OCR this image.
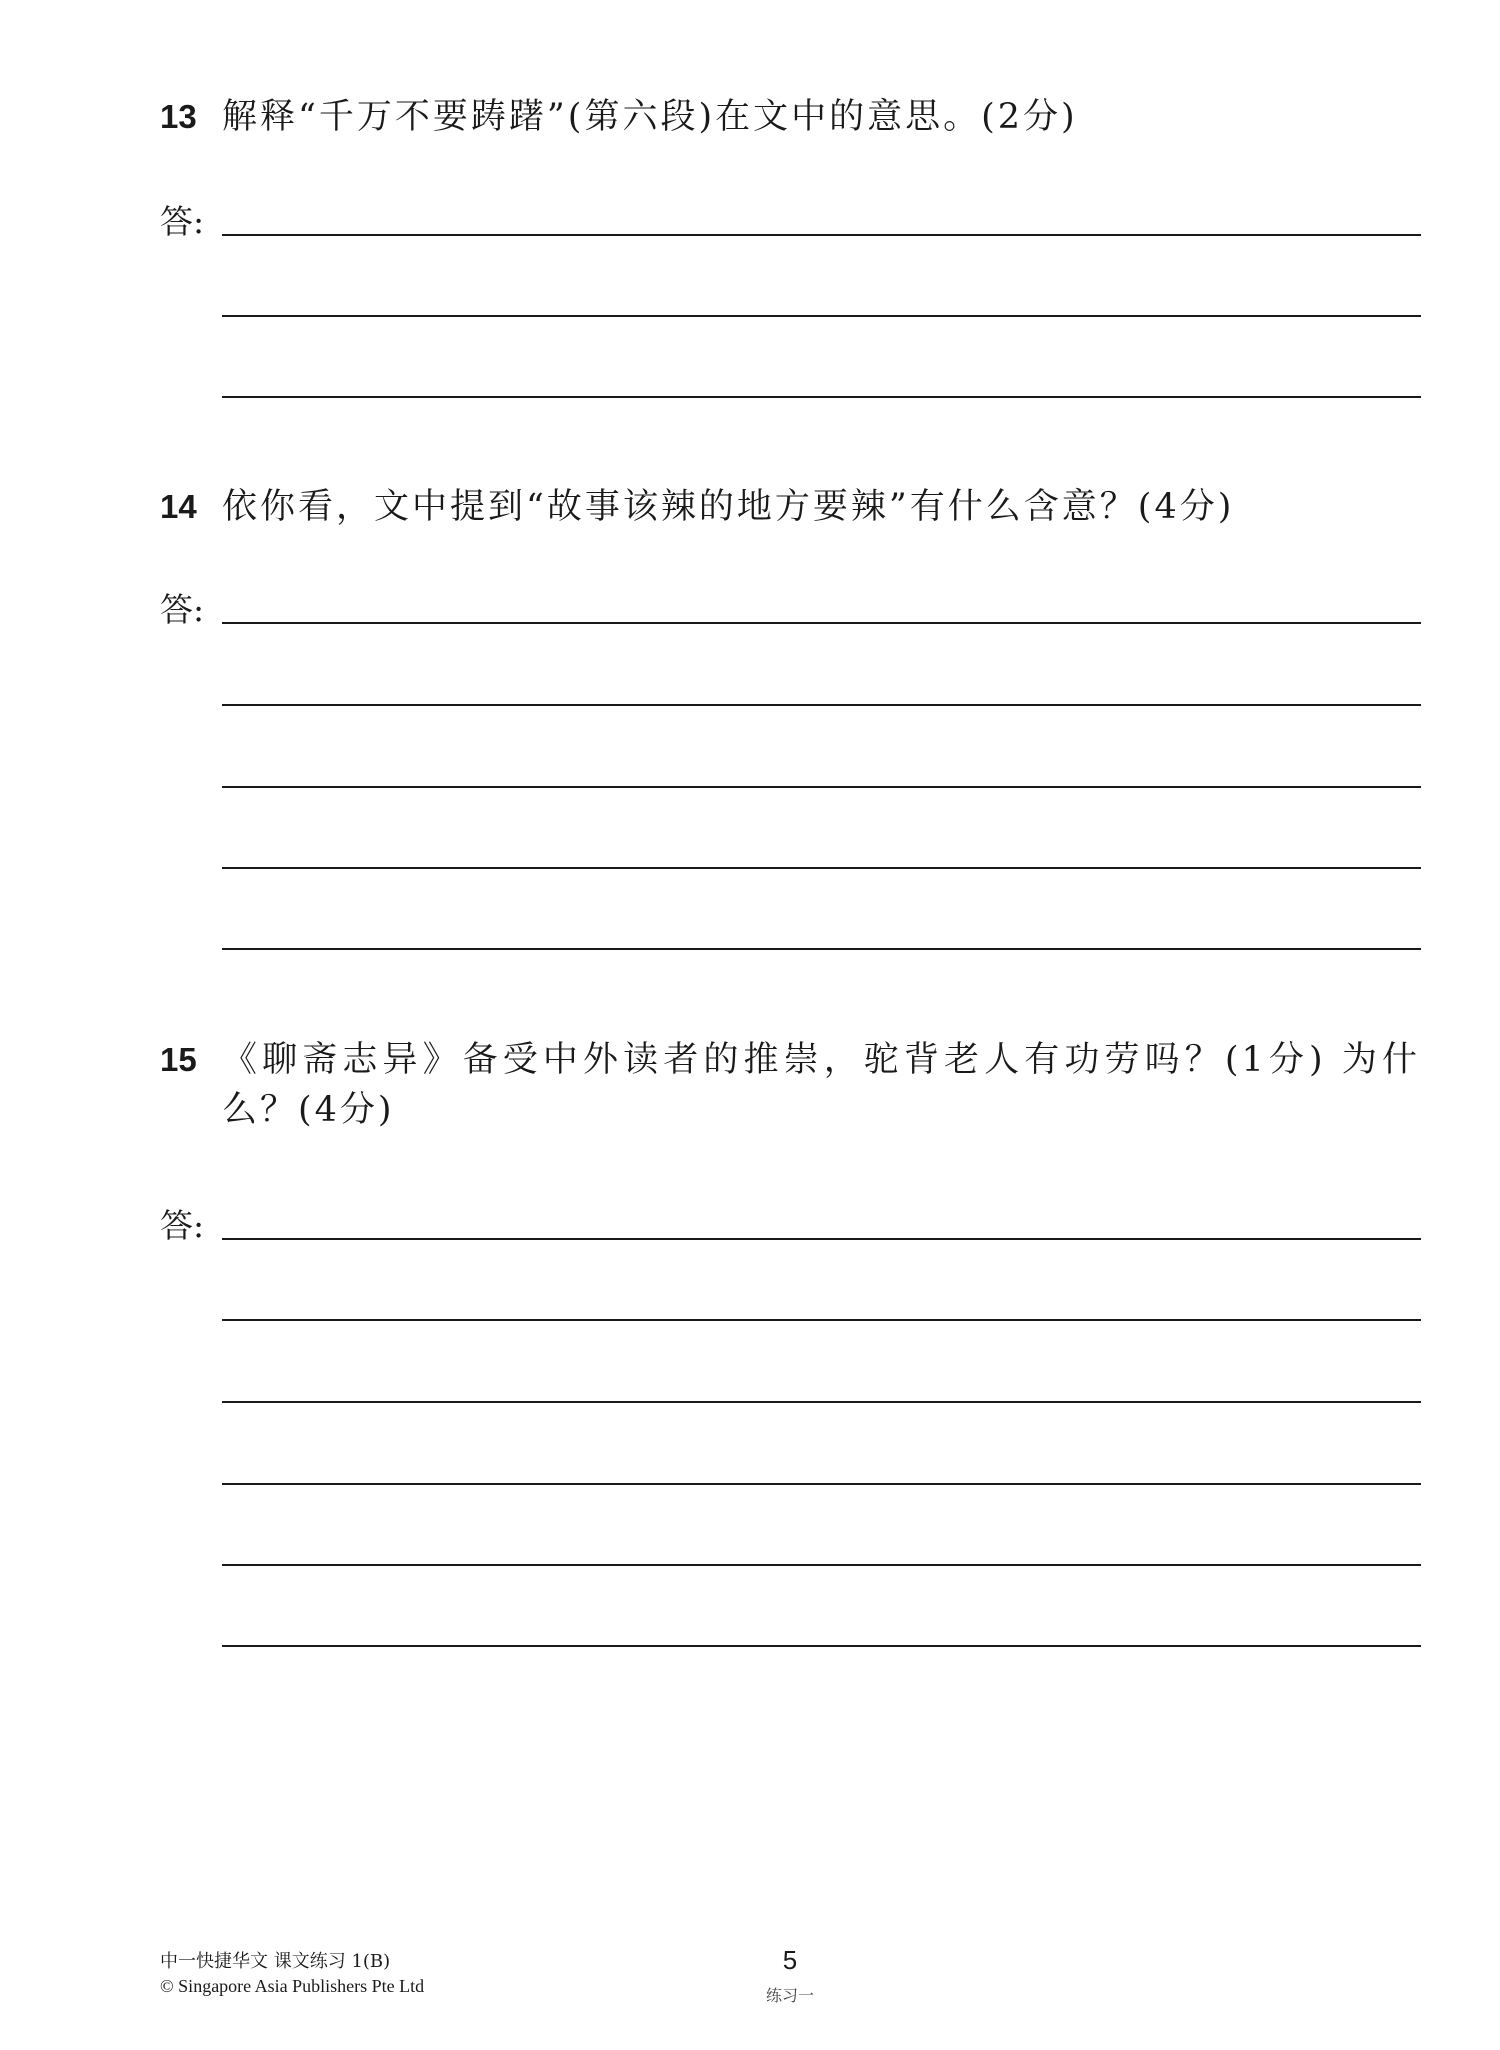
13 解释“千万不要踌躇”(第六段)在文中的意思。(2分)
答:
14 依你看，文中提到“故事该辣的地方要辣”有什么含意？(4分)
答:
15 《聊斋志异》备受中外读者的推崇，驼背老人有功劳吗？(1分) 为什么？(4分)
答:
中一快捷华文 课文练习 1(B)
© Singapore Asia Publishers Pte Ltd
5
练习一
